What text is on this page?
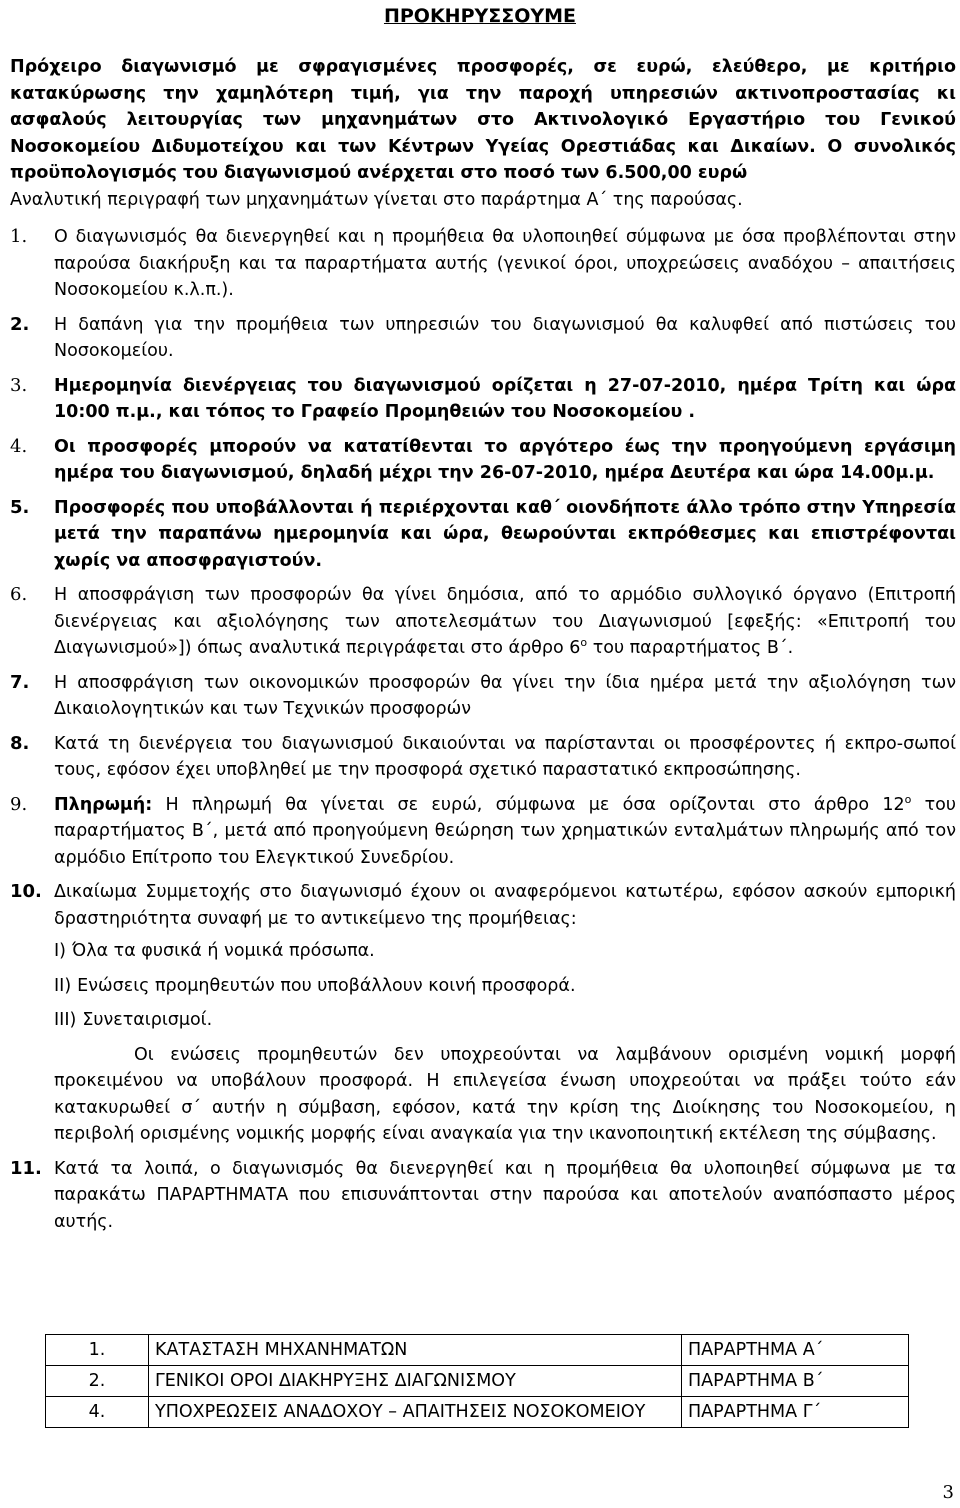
ΠΡΟΚΗΡΥΣΣΟΥΜΕ
Πρόχειρο διαγωνισμό με σφραγισμένες προσφορές, σε ευρώ, ελεύθερο, με κριτήριο κατακύρωσης την χαμηλότερη τιμή, για την παροχή υπηρεσιών ακτινοπροστασίας κι ασφαλούς λειτουργίας των μηχανημάτων στο Ακτινολογικό Εργαστήριο του Γενικού Νοσοκομείου Διδυμοτείχου και των Κέντρων Υγείας Ορεστιάδας και Δικαίων. Ο συνολικός προϋπολογισμός του διαγωνισμού ανέρχεται στο ποσό των 6.500,00 ευρώ
Αναλυτική περιγραφή των μηχανημάτων γίνεται στο παράρτημα Α΄ της παρούσας.
1.	Ο διαγωνισμός θα διενεργηθεί και η προμήθεια θα υλοποιηθεί σύμφωνα με όσα προβλέπονται στην παρούσα διακήρυξη και τα παραρτήματα αυτής (γενικοί όροι, υποχρεώσεις αναδόχου – απαιτήσεις Νοσοκομείου κ.λ.π.).
2.	Η δαπάνη για την προμήθεια των υπηρεσιών του διαγωνισμού θα καλυφθεί από πιστώσεις του Νοσοκομείου.
3.	Ημερομηνία διενέργειας του διαγωνισμού ορίζεται η 27-07-2010, ημέρα Τρίτη και ώρα 10:00 π.μ., και τόπος το Γραφείο Προμηθειών του Νοσοκομείου .
4.	Οι προσφορές μπορούν να κατατίθενται το αργότερο έως την προηγούμενη εργάσιμη ημέρα του διαγωνισμού, δηλαδή μέχρι την 26-07-2010, ημέρα Δευτέρα και ώρα 14.00μ.μ.
5.	Προσφορές που υποβάλλονται ή περιέρχονται καθ΄ οιονδήποτε άλλο τρόπο στην Υπηρεσία μετά την παραπάνω ημερομηνία και ώρα, θεωρούνται εκπρόθεσμες και επιστρέφονται χωρίς να αποσφραγιστούν.
6.	Η αποσφράγιση των προσφορών θα γίνει δημόσια, από το αρμόδιο συλλογικό όργανο (Επιτροπή διενέργειας και αξιολόγησης των αποτελεσμάτων του Διαγωνισμού [εφεξής: «Επιτροπή του Διαγωνισμού»]) όπως αναλυτικά περιγράφεται στο άρθρο $6^o$ του παραρτήματος Β΄.
7.	Η αποσφράγιση των οικονομικών προσφορών θα γίνει την ίδια ημέρα μετά την αξιολόγηση των Δικαιολογητικών και των Τεχνικών προσφορών
8.	Κατά τη διενέργεια του διαγωνισμού δικαιούνται να παρίστανται οι προσφέροντες ή εκπρο-σωποί τους, εφόσον έχει υποβληθεί με την προσφορά σχετικό παραστατικό εκπροσώπησης.
9.	Πληρωμή: Η πληρωμή θα γίνεται σε ευρώ, σύμφωνα με όσα ορίζονται στο άρθρο $12^o$ του παραρτήματος Β΄, μετά από προηγούμενη θεώρηση των χρηματικών ενταλμάτων πληρωμής από τον αρμόδιο Επίτροπο του Ελεγκτικού Συνεδρίου.
10. Δικαίωμα Συμμετοχής στο διαγωνισμό έχουν οι αναφερόμενοι κατωτέρω, εφόσον ασκούν εμπορική δραστηριότητα συναφή με το αντικείμενο της προμήθειας:
I) Όλα τα φυσικά ή νομικά πρόσωπα.
II) Ενώσεις προμηθευτών που υποβάλλουν κοινή προσφορά.
III) Συνεταιρισμοί.
Οι ενώσεις προμηθευτών δεν υποχρεούνται να λαμβάνουν ορισμένη νομική μορφή προκειμένου να υποβάλουν προσφορά. Η επιλεγείσα ένωση υποχρεούται να πράξει τούτο εάν κατακυρωθεί σ΄ αυτήν η σύμβαση, εφόσον, κατά την κρίση της Διοίκησης του Νοσοκομείου, η περιβολή ορισμένης νομικής μορφής είναι αναγκαία για την ικανοποιητική εκτέλεση της σύμβασης.
11. Κατά τα λοιπά, ο διαγωνισμός θα διενεργηθεί και η προμήθεια θα υλοποιηθεί σύμφωνα με τα παρακάτω ΠΑΡΑΡΤΗΜΑΤΑ που επισυνάπτονται στην παρούσα και αποτελούν αναπόσπαστο μέρος αυτής.
1.	ΚΑΤΑΣΤΑΣΗ ΜΗΧΑΝΗΜΑΤΩΝ	ΠΑΡΑΡΤΗΜΑ Α΄
2.	ΓΕΝΙΚΟΙ ΟΡΟΙ ΔΙΑΚΗΡΥΞΗΣ ΔΙΑΓΩΝΙΣΜΟΥ	ΠΑΡΑΡΤΗΜΑ Β΄
4.	ΥΠΟΧΡΕΩΣΕΙΣ ΑΝΑΔΟΧΟΥ – ΑΠΑΙΤΗΣΕΙΣ ΝΟΣΟΚΟΜΕΙΟΥ	ΠΑΡΑΡΤΗΜΑ Γ΄
3
